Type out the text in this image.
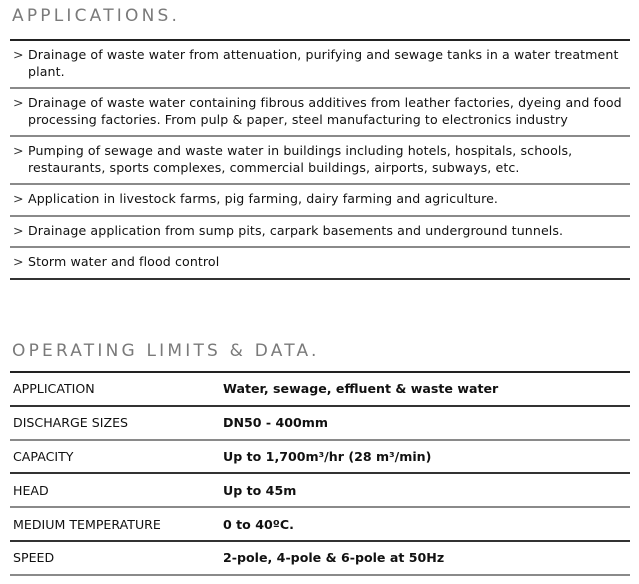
APPLICATIONS.
> Drainage of waste water from attenuation, purifying and sewage tanks in a water treatment plant.
> Drainage of waste water containing fibrous additives from leather factories, dyeing and food processing factories. From pulp & paper, steel manufacturing to electronics industry
> Pumping of sewage and waste water in buildings including hotels, hospitals, schools, restaurants, sports complexes, commercial buildings, airports, subways, etc.
> Application in livestock farms, pig farming, dairy farming and agriculture.
> Drainage application from sump pits, carpark basements and underground tunnels.
> Storm water and flood control
OPERATING LIMITS & DATA.
APPLICATION	Water, sewage, effluent & waste water
DISCHARGE SIZES	DN50 - 400mm
CAPACITY	Up to 1,700m³/hr (28 m³/min)
HEAD	Up to 45m
MEDIUM TEMPERATURE	0 to 40ºC.
SPEED	2-pole, 4-pole & 6-pole at 50Hz
